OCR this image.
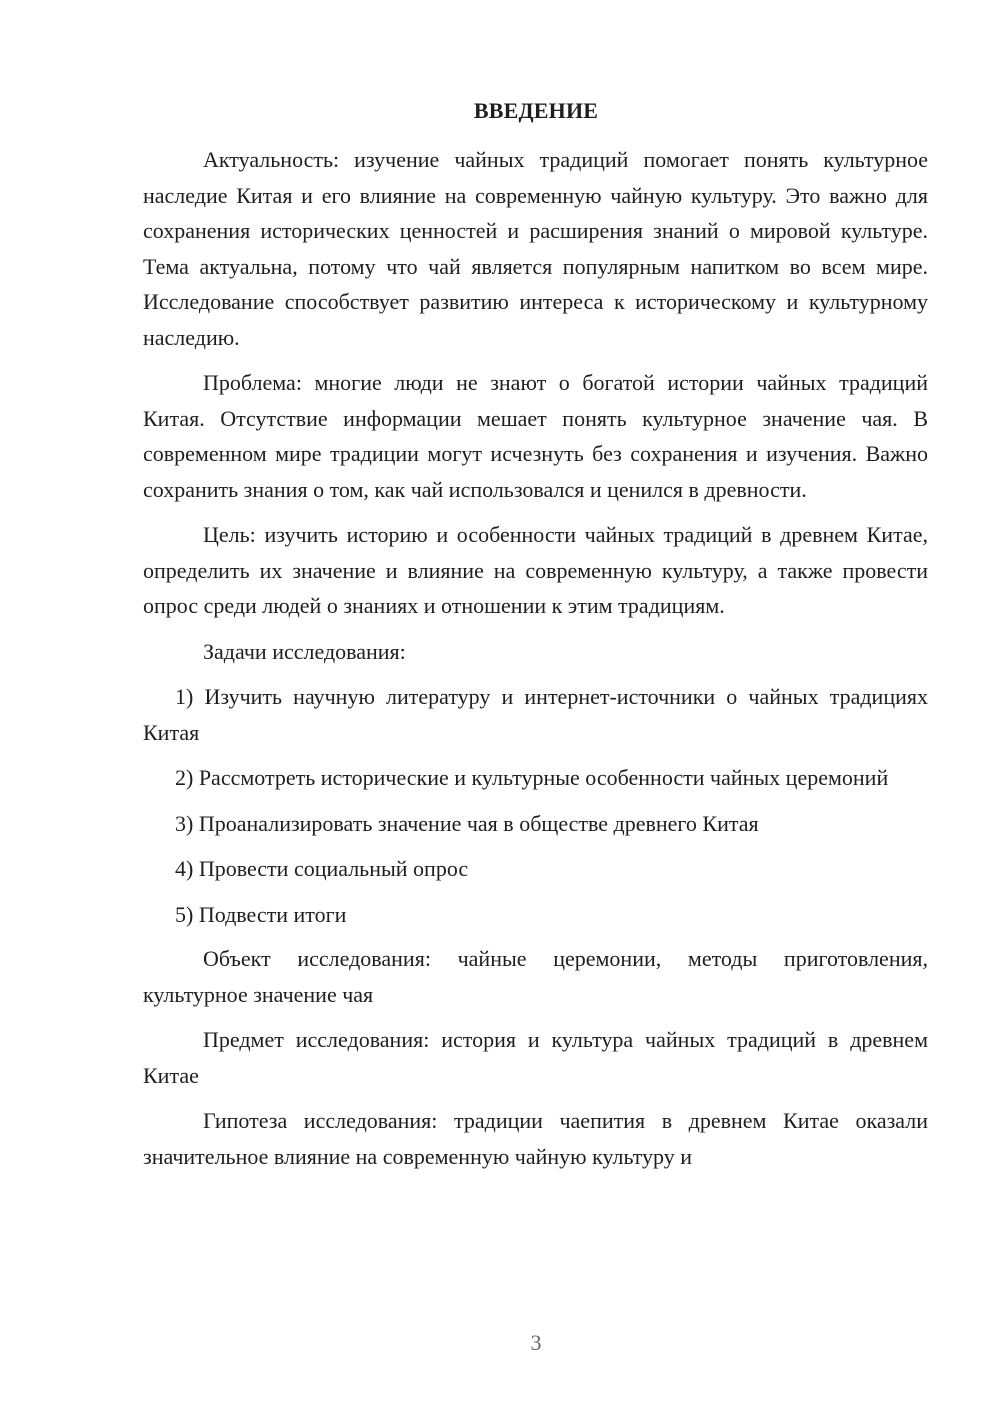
ВВЕДЕНИЕ

Актуальность: изучение чайных традиций помогает понять культурное наследие Китая и его влияние на современную чайную культуру. Это важно для сохранения исторических ценностей и расширения знаний о мировой культуре. Тема актуальна, потому что чай является популярным напитком во всем мире. Исследование способствует развитию интереса к историческому и культурному наследию.

Проблема: многие люди не знают о богатой истории чайных традиций Китая. Отсутствие информации мешает понять культурное значение чая. В современном мире традиции могут исчезнуть без сохранения и изучения. Важно сохранить знания о том, как чай использовался и ценился в древности.

Цель: изучить историю и особенности чайных традиций в древнем Китае, определить их значение и влияние на современную культуру, а также провести опрос среди людей о знаниях и отношении к этим традициям.

Задачи исследования:

1) Изучить научную литературу и интернет-источники о чайных традициях Китая

2) Рассмотреть исторические и культурные особенности чайных церемоний

3) Проанализировать значение чая в обществе древнего Китая

4) Провести социальный опрос

5) Подвести итоги

Объект исследования: чайные церемонии, методы приготовления, культурное значение чая

Предмет исследования: история и культура чайных традиций в древнем Китае

Гипотеза исследования: традиции чаепития в древнем Китае оказали значительное влияние на современную чайную культуру и

3
